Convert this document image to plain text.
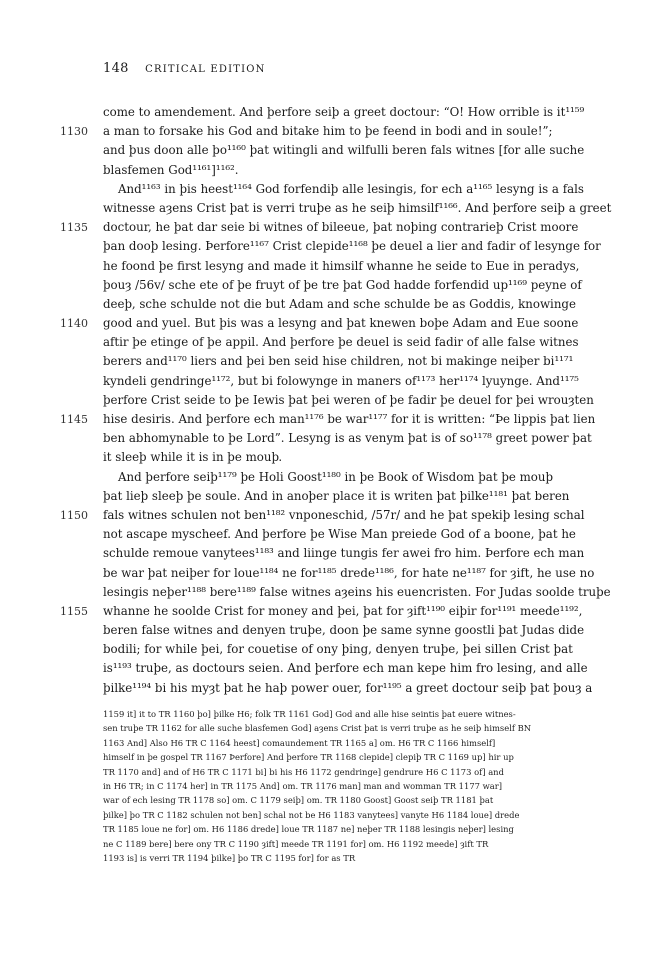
148 CRITICAL EDITION
come to amendement. And þerfore seiþ a greet doctour: “O! How orrible is it¹¹⁵⁹
1130	a man to forsake his God and bitake him to þe feend in bodi and in soule!”;
and þus doon alle þo¹¹⁶⁰ þat witingli and wilfulli beren fals witnes [for alle suche
blasfemen God¹¹⁶¹]¹¹⁶².
And¹¹⁶³ in þis heest¹¹⁶⁴ God forfendiþ alle lesingis, for ech a¹¹⁶⁵ lesyng is a fals
witnesse aȝens Crist þat is verri truþe as he seiþ himsilf¹¹⁶⁶. And þerfore seiþ a greet
1135	doctour, he þat dar seie bi witnes of bileeue, þat noþing contrarieþ Crist moore
þan dooþ lesing. Þerfore¹¹⁶⁷ Crist clepide¹¹⁶⁸ þe deuel a lier and fadir of lesynge for
he foond þe first lesyng and made it himsilf whanne he seide to Eue in peradys,
þouȝ /56v/ sche ete of þe fruyt of þe tre þat God hadde forfendid up¹¹⁶⁹ peyne of
deeþ, sche schulde not die but Adam and sche schulde be as Goddis, knowinge
1140	good and yuel. But þis was a lesyng and þat knewen boþe Adam and Eue soone
aftir þe etinge of þe appil. And þerfore þe deuel is seid fadir of alle false witnes
berers and¹¹⁷⁰ liers and þei ben seid hise children, not bi makinge neiþer bi¹¹⁷¹
kyndeli gendringe¹¹⁷², but bi folowynge in maners of¹¹⁷³ her¹¹⁷⁴ lyuynge. And¹¹⁷⁵
þerfore Crist seide to þe Iewis þat þei weren of þe fadir þe deuel for þei wrouȝten
1145	hise desiris. And þerfore ech man¹¹⁷⁶ be war¹¹⁷⁷ for it is written: “Þe lippis þat lien
ben abhomynable to þe Lord”. Lesyng is as venym þat is of so¹¹⁷⁸ greet power þat
it sleeþ while it is in þe mouþ.
And þerfore seiþ¹¹⁷⁹ þe Holi Goost¹¹⁸⁰ in þe Book of Wisdom þat þe mouþ
þat lieþ sleeþ þe soule. And in anoþer place it is writen þat þilke¹¹⁸¹ þat beren
1150	fals witnes schulen not ben¹¹⁸² vnponeschid, /57r/ and he þat spekiþ lesing schal
not ascape myscheef. And þerfore þe Wise Man preiede God of a boone, þat he
schulde remoue vanytees¹¹⁸³ and liinge tungis fer awei fro him. Þerfore ech man
be war þat neiþer for loue¹¹⁸⁴ ne for¹¹⁸⁵ drede¹¹⁸⁶, for hate ne¹¹⁸⁷ for ȝift, he use no
lesingis neþer¹¹⁸⁸ bere¹¹⁸⁹ false witnes aȝeins his euencristen. For Judas soolde truþe
1155	whanne he soolde Crist for money and þei, þat for ȝift¹¹⁹⁰ eiþir for¹¹⁹¹ meede¹¹⁹²,
beren false witnes and denyen truþe, doon þe same synne goostli þat Judas dide
bodili; for while þei, for couetise of ony þing, denyen truþe, þei sillen Crist þat
is¹¹⁹³ truþe, as doctours seien. And þerfore ech man kepe him fro lesing, and alle
þilke¹¹⁹⁴ bi his myȝt þat he haþ power ouer, for¹¹⁹⁵ a greet doctour seiþ þat þouȝ a
1159 it] it to TR 1160 þo] þilke H6; folk TR 1161 God] God and alle hise seintis þat euere witnes-
sen truþe TR 1162 for alle suche blasfemen God] aȝens Crist þat is verri truþe as he seiþ himself BN
1163 And] Also H6 TR C 1164 heest] comaundement TR 1165 a] om. H6 TR C 1166 himself]
himself in þe gospel TR 1167 Þerfore] And þerfore TR 1168 clepide] clepiþ TR C 1169 up] hir up
TR 1170 and] and of H6 TR C 1171 bi] bi his H6 1172 gendringe] gendrure H6 C 1173 of] and
in H6 TR; in C 1174 her] in TR 1175 And] om. TR 1176 man] man and womman TR 1177 war]
war of ech lesing TR 1178 so] om. C 1179 seiþ] om. TR 1180 Goost] Goost seiþ TR 1181 þat
þilke] þo TR C 1182 schulen not ben] schal not be H6 1183 vanytees] vanyte H6 1184 loue] drede
TR 1185 loue ne for] om. H6 1186 drede] loue TR 1187 ne] neþer TR 1188 lesingis neþer] lesing
ne C 1189 bere] bere ony TR C 1190 ȝift] meede TR 1191 for] om. H6 1192 meede] ȝift TR
1193 is] is verri TR 1194 þilke] þo TR C 1195 for] for as TR
